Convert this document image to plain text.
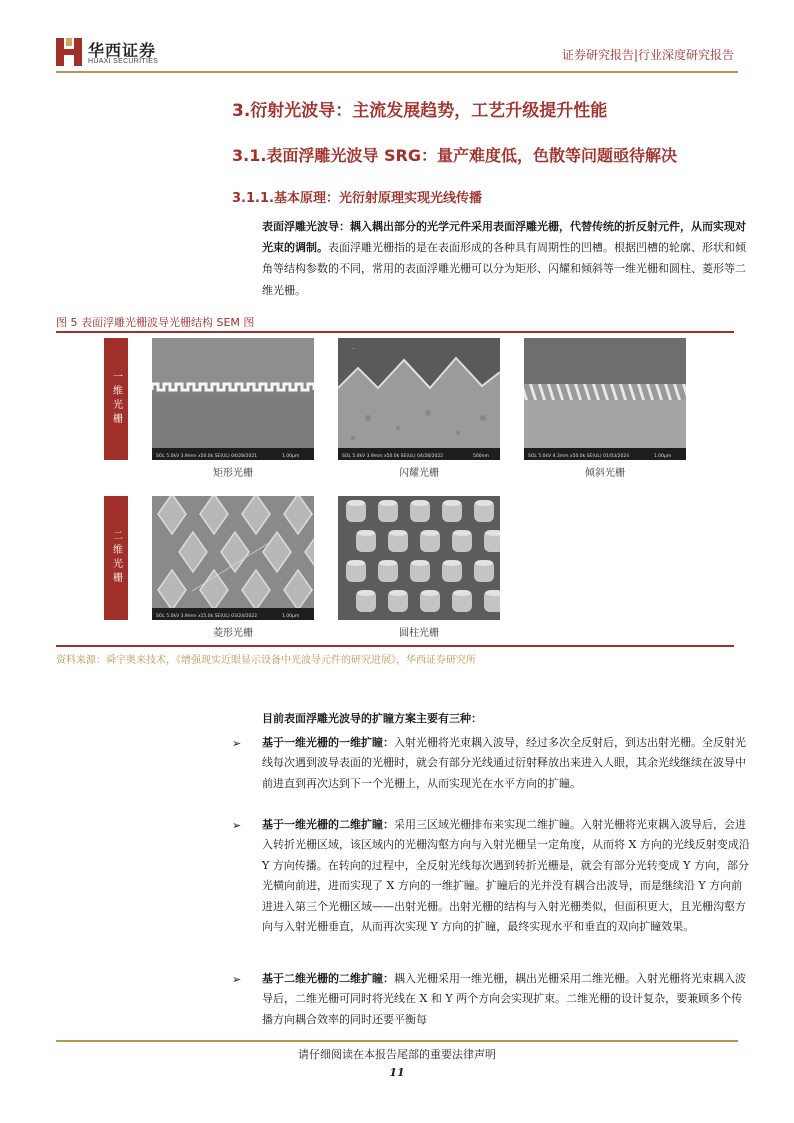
华西证券
HUAXI SECURITIES	证券研究报告|行业深度研究报告
3.衍射光波导：主流发展趋势，工艺升级提升性能
3.1.表面浮雕光波导 SRG：量产难度低，色散等问题亟待解决
3.1.1.基本原理：光衍射原理实现光线传播
表面浮雕光波导：耦入耦出部分的光学元件采用表面浮雕光栅，代替传统的折反射元件，从而实现对光束的调制。表面浮雕光栅指的是在表面形成的各种具有周期性的凹槽。根据凹槽的轮廓、形状和倾角等结构参数的不同，常用的表面浮雕光栅可以分为矩形、闪耀和倾斜等一维光栅和圆柱、菱形等二维光栅。
图 5 表面浮雕光栅波导光栅结构 SEM 图
一维光栅
二维光栅
SOL 5.0kV 3.9mm x50.0k SE(UL) 04/28/2021	1.00μm
矩形光栅
···
SOL 5.0kV 3.9mm x50.0k SE(UL) 04/28/2022	500nm
闪耀光栅
SOL 5.0kV 4.3mm x50.0k SE(UL) 01/03/2024	1.00μm
倾斜光栅
SOL 5.0kV 3.9mm x15.0k SE(UL) 03/24/2022	1.00μm
菱形光栅	圆柱光栅
资料来源：舜宇奥来技术，《增强现实近眼显示设备中光波导元件的研究进展》，华西证券研究所
目前表面浮雕光波导的扩瞳方案主要有三种：
➢ 基于一维光栅的一维扩瞳：入射光栅将光束耦入波导，经过多次全反射后，到达出射光栅。全反射光线每次遇到波导表面的光栅时，就会有部分光线通过衍射释放出来进入人眼，其余光线继续在波导中前进直到再次达到下一个光栅上，从而实现光在水平方向的扩瞳。
➢ 基于一维光栅的二维扩瞳：采用三区域光栅排布来实现二维扩瞳。入射光栅将光束耦入波导后，会进入转折光栅区域，该区域内的光栅沟壑方向与入射光栅呈一定角度，从而将 X 方向的光线反射变成沿 Y 方向传播。在转向的过程中，全反射光线每次遇到转折光栅是，就会有部分光转变成 Y 方向，部分光横向前进，进而实现了 X 方向的一维扩瞳。扩瞳后的光并没有耦合出波导，而是继续沿 Y 方向前进进入第三个光栅区域——出射光栅。出射光栅的结构与入射光栅类似，但面积更大，且光栅沟壑方向与入射光栅垂直，从而再次实现 Y 方向的扩瞳，最终实现水平和垂直的双向扩瞳效果。
➢ 基于二维光栅的二维扩瞳：耦入光栅采用一维光栅，耦出光栅采用二维光栅。入射光栅将光束耦入波导后，二维光栅可同时将光线在 X 和 Y 两个方向会实现扩束。二维光栅的设计复杂，要兼顾多个传播方向耦合效率的同时还要平衡每
请仔细阅读在本报告尾部的重要法律声明
11
